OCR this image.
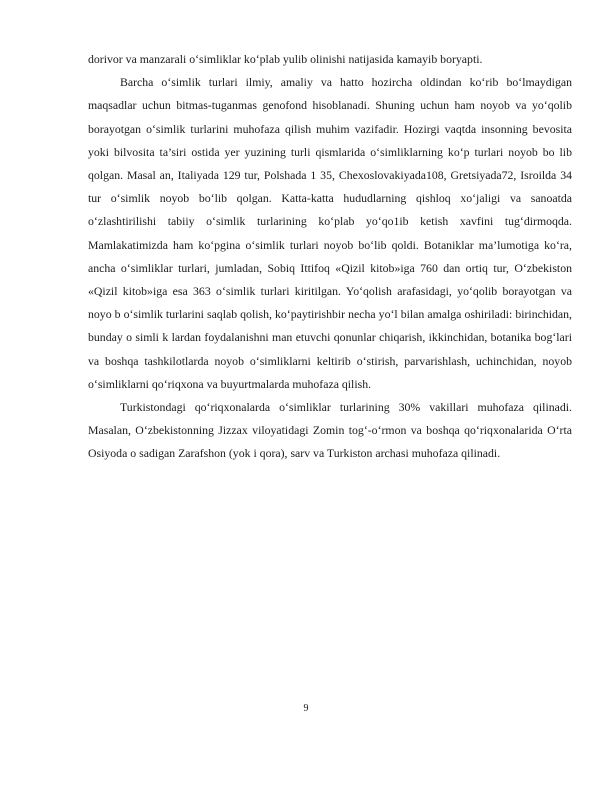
dorivor va manzarali o‘simliklar ko‘plab yulib olinishi natijasida kamayib boryapti.

Barcha o‘simlik turlari ilmiy, amaliy va hatto hozircha oldindan ko‘rib bo‘lmaydigan maqsadlar uchun bitmas-tuganmas genofond hisoblanadi. Shuning uchun ham noyob va yo‘qolib borayotgan o‘simlik turlarini muhofaza qilish muhim vazifadir. Hozirgi vaqtda insonning bevosita yoki bilvosita ta’siri ostida yer yuzining turli qismlarida o‘simliklarning ko‘p turlari noyob bo lib qolgan. Masal an, Italiyada 129 tur, Polshada 1 35, Chexoslovakiyada108, Gretsiyada72, Isroilda 34 tur o‘simlik noyob bo‘lib qolgan. Katta-katta hududlarning qishloq xo‘jaligi va sanoatda o‘zlashtirilishi tabiiy o‘simlik turlarining ko‘plab yo‘qo1ib ketish xavfini tug‘dirmoqda. Mamlakatimizda ham ko‘pgina o‘simlik turlari noyob bo‘lib qoldi. Botaniklar ma’lumotiga ko‘ra, ancha o‘simliklar turlari, jumladan, Sobiq Ittifoq «Qizil kitob»iga 760 dan ortiq tur, O‘zbekiston «Qizil kitob»iga esa 363 o‘simlik turlari kiritilgan. Yo‘qolish arafasidagi, yo‘qolib borayotgan va noyo b o‘simlik turlarini saqlab qolish, ko‘paytirishbir necha yo‘l bilan amalga oshiriladi: birinchidan, bunday o simli k lardan foydalanishni man etuvchi qonunlar chiqarish, ikkinchidan, botanika bog‘lari va boshqa tashkilotlarda noyob o‘simliklarni keltirib o‘stirish, parvarishlash, uchinchidan, noyob o‘simliklarni qo‘riqxona va buyurtmalarda muhofaza qilish.

Turkistondagi qo‘riqxonalarda o‘simliklar turlarining 30% vakillari muhofaza qilinadi. Masalan, O‘zbekistonning Jizzax viloyatidagi Zomin tog‘-o‘rmon va boshqa qo‘riqxonalarida O‘rta Osiyoda o sadigan Zarafshon (yok i qora), sarv va Turkiston archasi muhofaza qilinadi.

9
